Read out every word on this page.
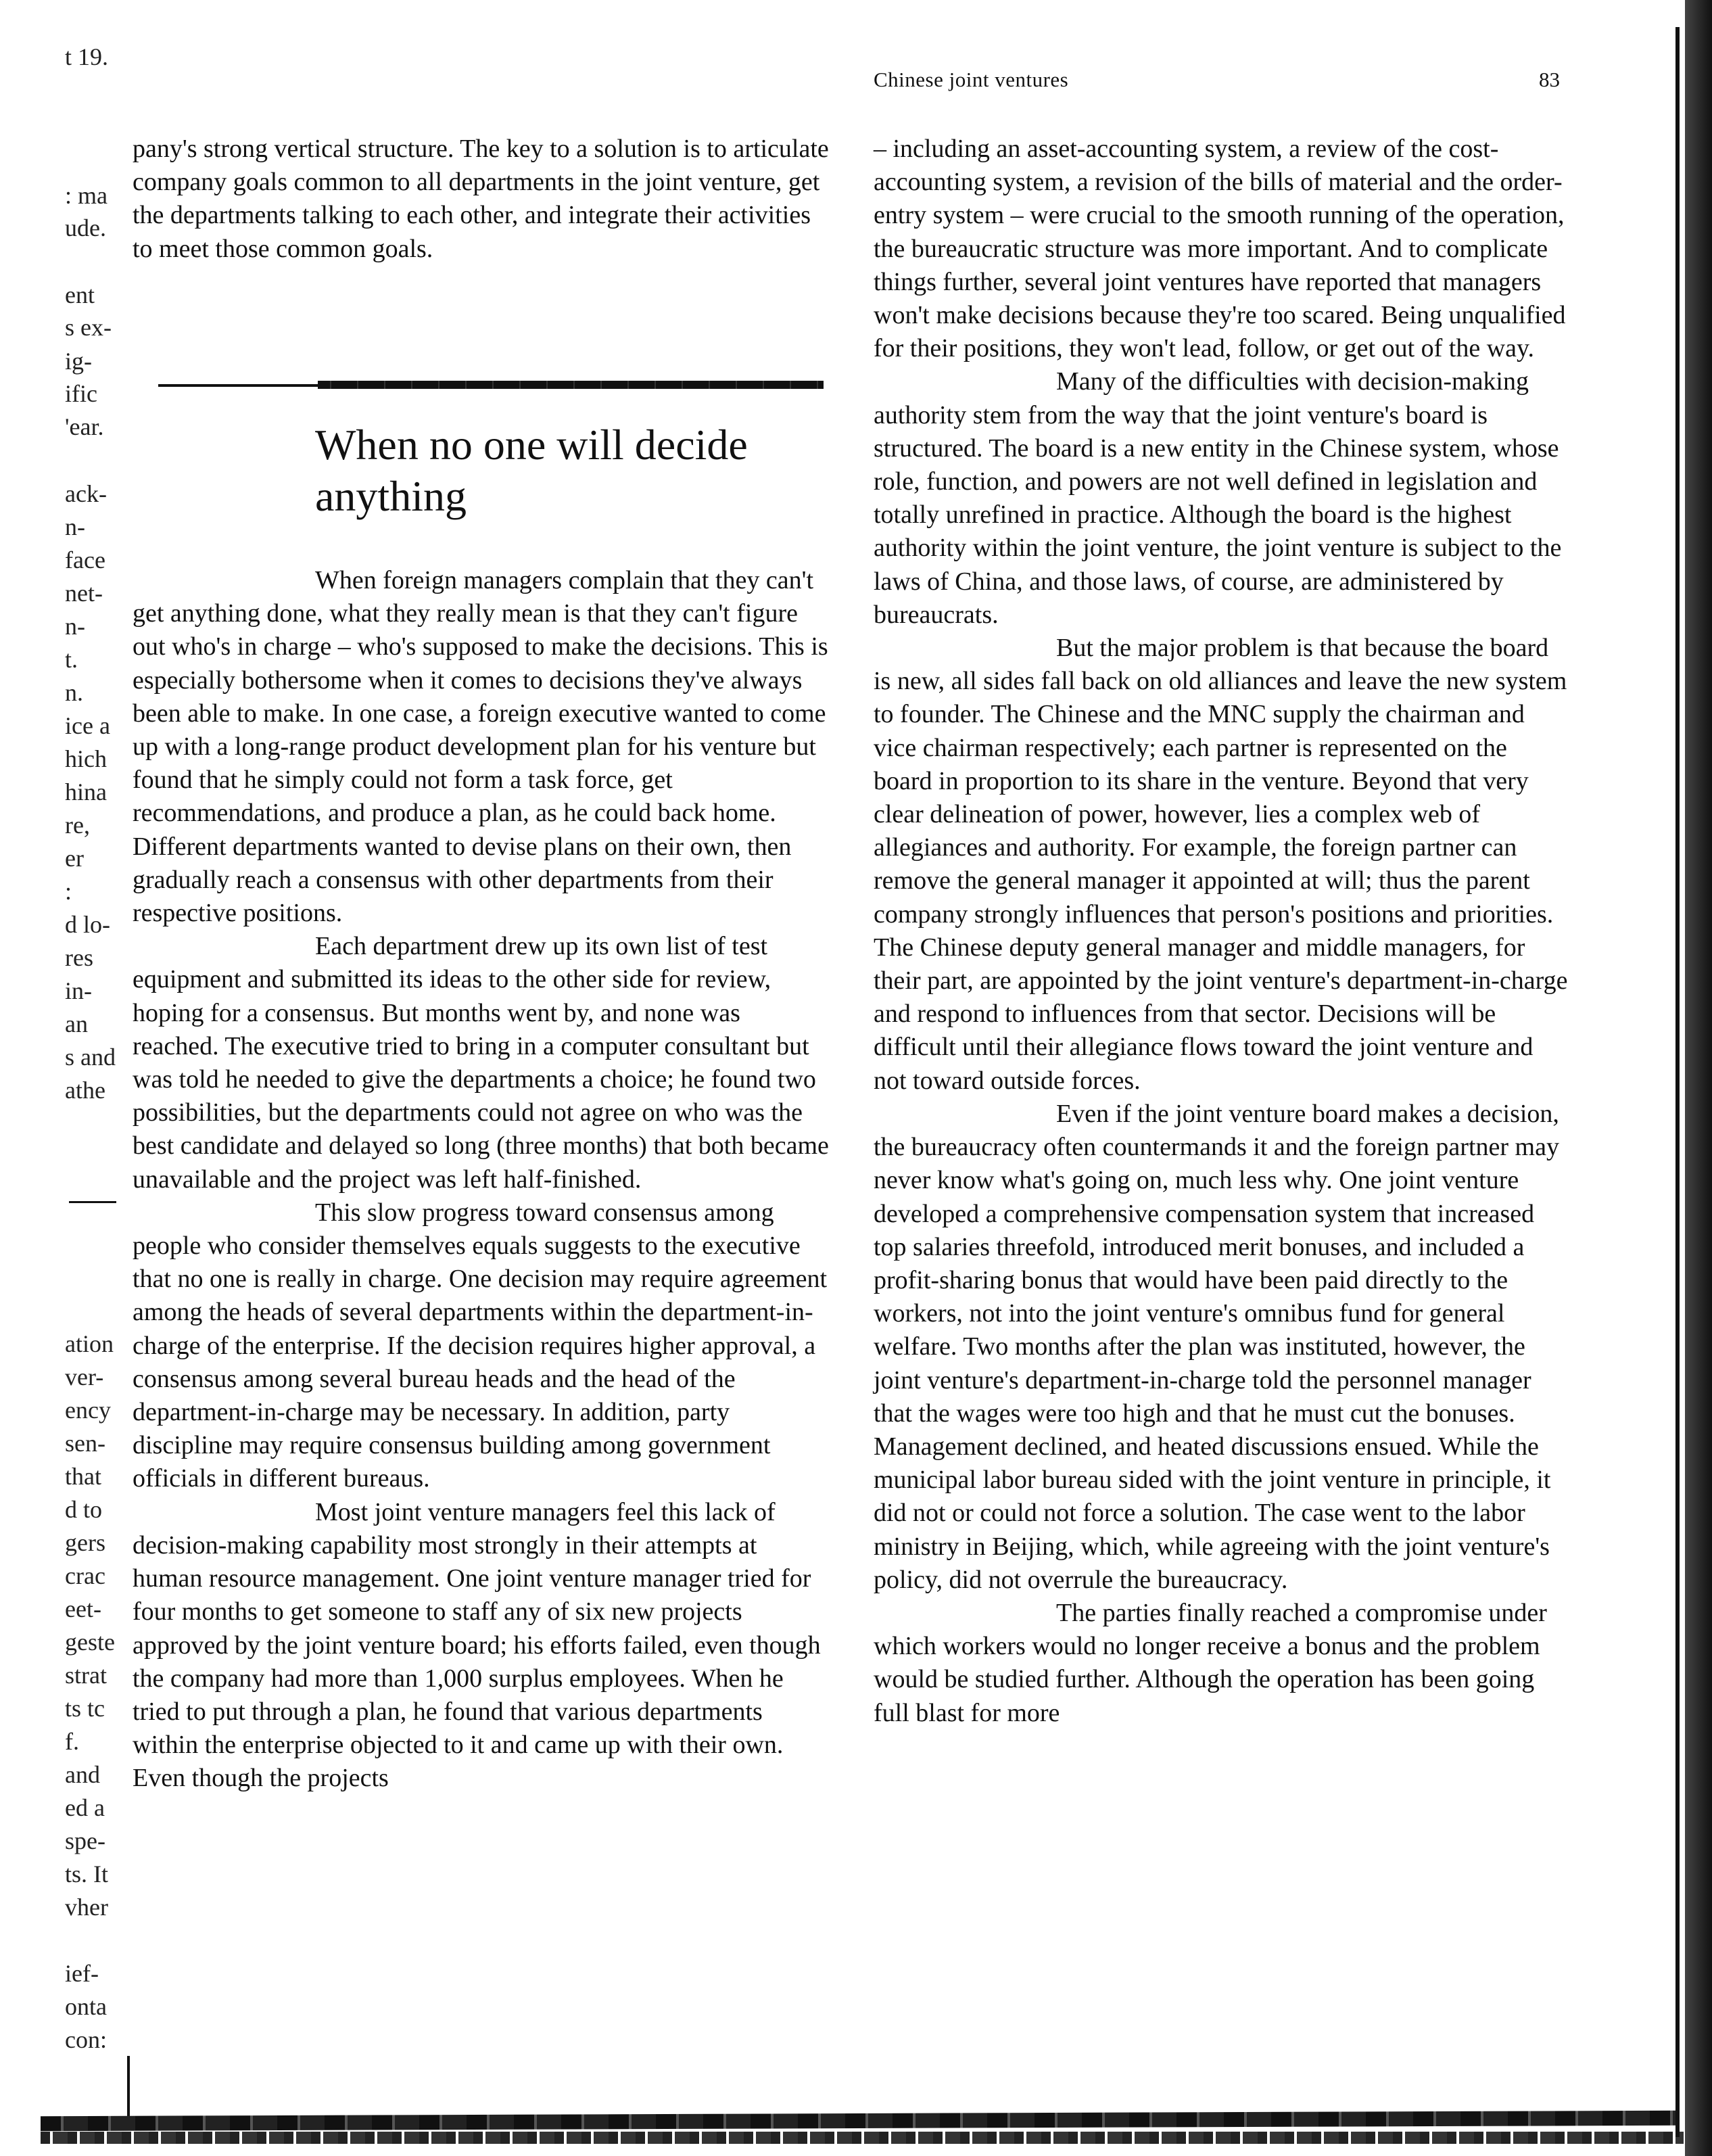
Chinese joint ventures	83
t 19.
: ma
ude.
ent
s ex-
ig-
ific
'ear.
ack-
n-
face
net-
n-
t.
n.
ice a
hich
hina
re,
er
:
d lo-
res
in-
an
s and
athe
ation
ver-
ency
sen-
that
d to
gers
crac
eet-
geste
strat
ts tc
f.
and
ed a
spe-
ts. It
vher
ief-
onta
con:

pany's strong vertical structure. The key to a solution is to articulate company goals common to all departments in the joint venture, get the departments talking to each other, and integrate their activities to meet those common goals.

When no one will decide anything

When foreign managers complain that they can't get anything done, what they really mean is that they can't figure out who's in charge – who's supposed to make the decisions. This is especially bothersome when it comes to decisions they've always been able to make. In one case, a foreign executive wanted to come up with a long-range product development plan for his venture but found that he simply could not form a task force, get recommendations, and produce a plan, as he could back home. Different departments wanted to devise plans on their own, then gradually reach a consensus with other departments from their respective positions.

Each department drew up its own list of test equipment and submitted its ideas to the other side for review, hoping for a consensus. But months went by, and none was reached. The executive tried to bring in a computer consultant but was told he needed to give the departments a choice; he found two possibilities, but the departments could not agree on who was the best candidate and delayed so long (three months) that both became unavailable and the project was left half-finished.

This slow progress toward consensus among people who consider themselves equals suggests to the executive that no one is really in charge. One decision may require agreement among the heads of several departments within the department-in-charge of the enterprise. If the decision requires higher approval, a consensus among several bureau heads and the head of the department-in-charge may be necessary. In addition, party discipline may require consensus building among government officials in different bureaus.

Most joint venture managers feel this lack of decision-making capability most strongly in their attempts at human resource management. One joint venture manager tried for four months to get someone to staff any of six new projects approved by the joint venture board; his efforts failed, even though the company had more than 1,000 surplus employees. When he tried to put through a plan, he found that various departments within the enterprise objected to it and came up with their own. Even though the projects

– including an asset-accounting system, a review of the cost-accounting system, a revision of the bills of material and the order-entry system – were crucial to the smooth running of the operation, the bureaucratic structure was more important. And to complicate things further, several joint ventures have reported that managers won't make decisions because they're too scared. Being unqualified for their positions, they won't lead, follow, or get out of the way.

Many of the difficulties with decision-making authority stem from the way that the joint venture's board is structured. The board is a new entity in the Chinese system, whose role, function, and powers are not well defined in legislation and totally unrefined in practice. Although the board is the highest authority within the joint venture, the joint venture is subject to the laws of China, and those laws, of course, are administered by bureaucrats.

But the major problem is that because the board is new, all sides fall back on old alliances and leave the new system to founder. The Chinese and the MNC supply the chairman and vice chairman respectively; each partner is represented on the board in proportion to its share in the venture. Beyond that very clear delineation of power, however, lies a complex web of allegiances and authority. For example, the foreign partner can remove the general manager it appointed at will; thus the parent company strongly influences that person's positions and priorities. The Chinese deputy general manager and middle managers, for their part, are appointed by the joint venture's department-in-charge and respond to influences from that sector. Decisions will be difficult until their allegiance flows toward the joint venture and not toward outside forces.

Even if the joint venture board makes a decision, the bureaucracy often countermands it and the foreign partner may never know what's going on, much less why. One joint venture developed a comprehensive compensation system that increased top salaries threefold, introduced merit bonuses, and included a profit-sharing bonus that would have been paid directly to the workers, not into the joint venture's omnibus fund for general welfare. Two months after the plan was instituted, however, the joint venture's department-in-charge told the personnel manager that the wages were too high and that he must cut the bonuses. Management declined, and heated discussions ensued. While the municipal labor bureau sided with the joint venture in principle, it did not or could not force a solution. The case went to the labor ministry in Beijing, which, while agreeing with the joint venture's policy, did not overrule the bureaucracy.

The parties finally reached a compromise under which workers would no longer receive a bonus and the problem would be studied further. Although the operation has been going full blast for more
